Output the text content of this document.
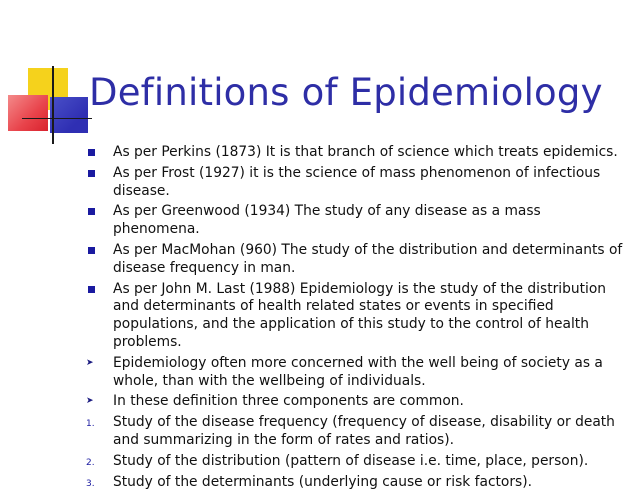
Definitions of Epidemiology
As per Perkins (1873) It is that branch of science which treats epidemics.
As per Frost (1927) it is the science of mass phenomenon of infectious disease.
As per Greenwood (1934) The study of any disease as a mass phenomena.
As per MacMohan (960) The study of the distribution and determinants of disease frequency in man.
As per John M. Last (1988) Epidemiology is the study of the distribution and determinants of health related states or events in specified populations, and the application of this study to the control of health problems.
➤ Epidemiology often more concerned with the well being of society as a whole, than with the wellbeing of individuals.
➤ In these definition three components are common.
1. Study of the disease frequency (frequency of disease, disability or death and summarizing in the form of rates and ratios).
2. Study of the distribution (pattern of disease i.e. time, place, person).
3. Study of the determinants (underlying cause or risk factors).
